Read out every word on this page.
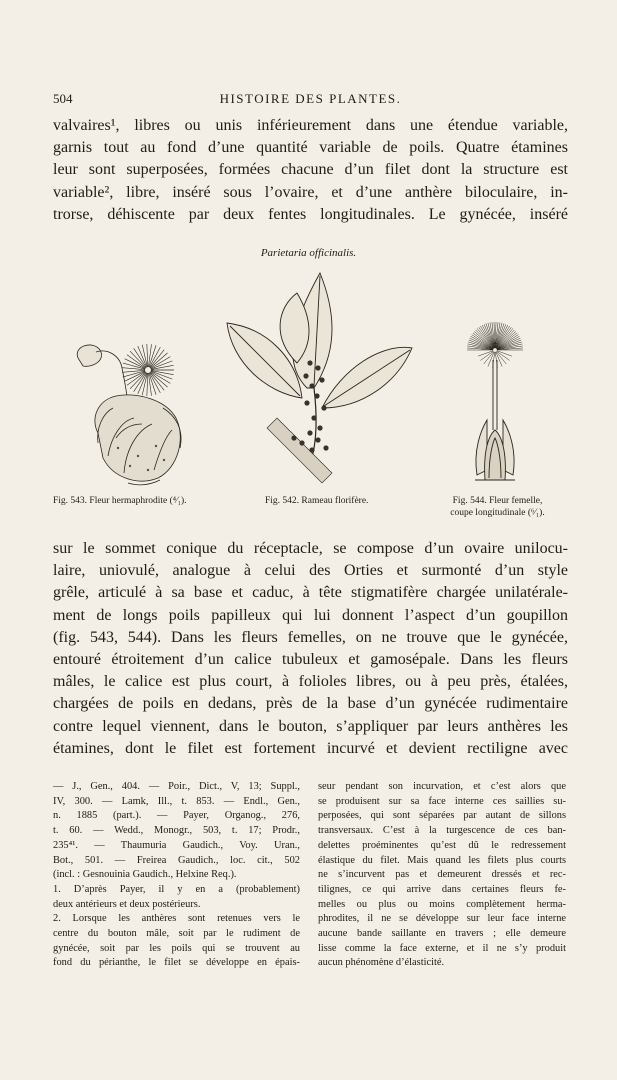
504	HISTOIRE DES PLANTES.
valvaires¹, libres ou unis inférieurement dans une étendue variable,
garnis tout au fond d’une quantité variable de poils. Quatre étamines
leur sont superposées, formées chacune d’un filet dont la structure est
variable², libre, inséré sous l’ovaire, et d’une anthère biloculaire, in-
trorse, déhiscente par deux fentes longitudinales. Le gynécée, inséré
Parietaria officinalis.
Fig. 543. Fleur hermaphrodite (⁴⁄₁).	Fig. 542. Rameau florifère.	Fig. 544. Fleur femelle,
coupe longitudinale (⁶⁄₁).
sur le sommet conique du réceptacle, se compose d’un ovaire unilocu-
laire, uniovulé, analogue à celui des Orties et surmonté d’un style
grêle, articulé à sa base et caduc, à tête stigmatifère chargée unilatérale-
ment de longs poils papilleux qui lui donnent l’aspect d’un goupillon
(fig. 543, 544). Dans les fleurs femelles, on ne trouve que le gynécée,
entouré étroitement d’un calice tubuleux et gamosépale. Dans les fleurs
mâles, le calice est plus court, à folioles libres, ou à peu près, étalées,
chargées de poils en dedans, près de la base d’un gynécée rudimentaire
contre lequel viennent, dans le bouton, s’appliquer par leurs anthères les
étamines, dont le filet est fortement incurvé et devient rectiligne avec
— J., Gen., 404. — Poir., Dict., V, 13; Suppl.,
IV, 300. — Lamk, Ill., t. 853. — Endl., Gen.,
n. 1885 (part.). — Payer, Organog., 276,
t. 60. — Wedd., Monogr., 503, t. 17; Prodr.,
235⁴¹. — Thaumuria Gaudich., Voy. Uran.,
Bot., 501. — Freirea Gaudich., loc. cit., 502
(incl. : Gesnouinia Gaudich., Helxine Req.).
1. D’après Payer, il y en a (probablement)
deux antérieurs et deux postérieurs.
2. Lorsque les anthères sont retenues vers le
centre du bouton mâle, soit par le rudiment de
gynécée, soit par les poils qui se trouvent au
fond du périanthe, le filet se développe en épais-
seur pendant son incurvation, et c’est alors que
se produisent sur sa face interne ces saillies su-
perposées, qui sont séparées par autant de sillons
transversaux. C’est à la turgescence de ces ban-
delettes proéminentes qu’est dû le redressement
élastique du filet. Mais quand les filets plus courts
ne s’incurvent pas et demeurent dressés et rec-
tilignes, ce qui arrive dans certaines fleurs fe-
melles ou plus ou moins complètement herma-
phrodites, il ne se développe sur leur face interne
aucune bande saillante en travers ; elle demeure
lisse comme la face externe, et il ne s’y produit
aucun phénomène d’élasticité.
